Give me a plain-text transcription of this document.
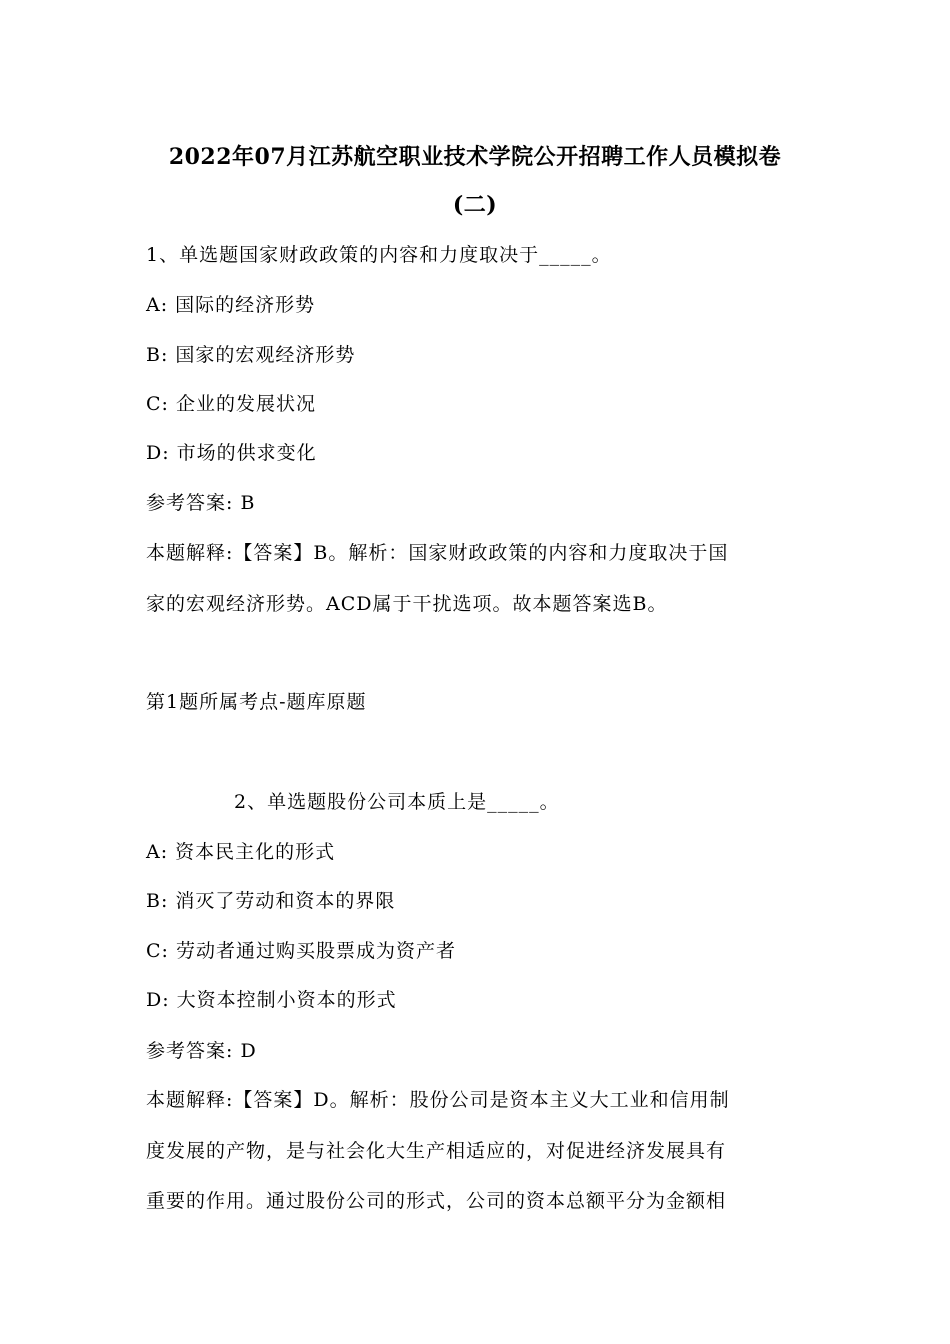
2022年07月江苏航空职业技术学院公开招聘工作人员模拟卷
(二)
1、单选题国家财政政策的内容和力度取决于_____。
A: 国际的经济形势
B: 国家的宏观经济形势
C: 企业的发展状况
D: 市场的供求变化
参考答案: B
本题解释:【答案】B。解析：国家财政政策的内容和力度取决于国
家的宏观经济形势。ACD属于干扰选项。故本题答案选B。
第1题所属考点-题库原题
2、单选题股份公司本质上是_____。
A: 资本民主化的形式
B: 消灭了劳动和资本的界限
C: 劳动者通过购买股票成为资产者
D: 大资本控制小资本的形式
参考答案: D
本题解释:【答案】D。解析：股份公司是资本主义大工业和信用制
度发展的产物，是与社会化大生产相适应的，对促进经济发展具有
重要的作用。通过股份公司的形式，公司的资本总额平分为金额相
